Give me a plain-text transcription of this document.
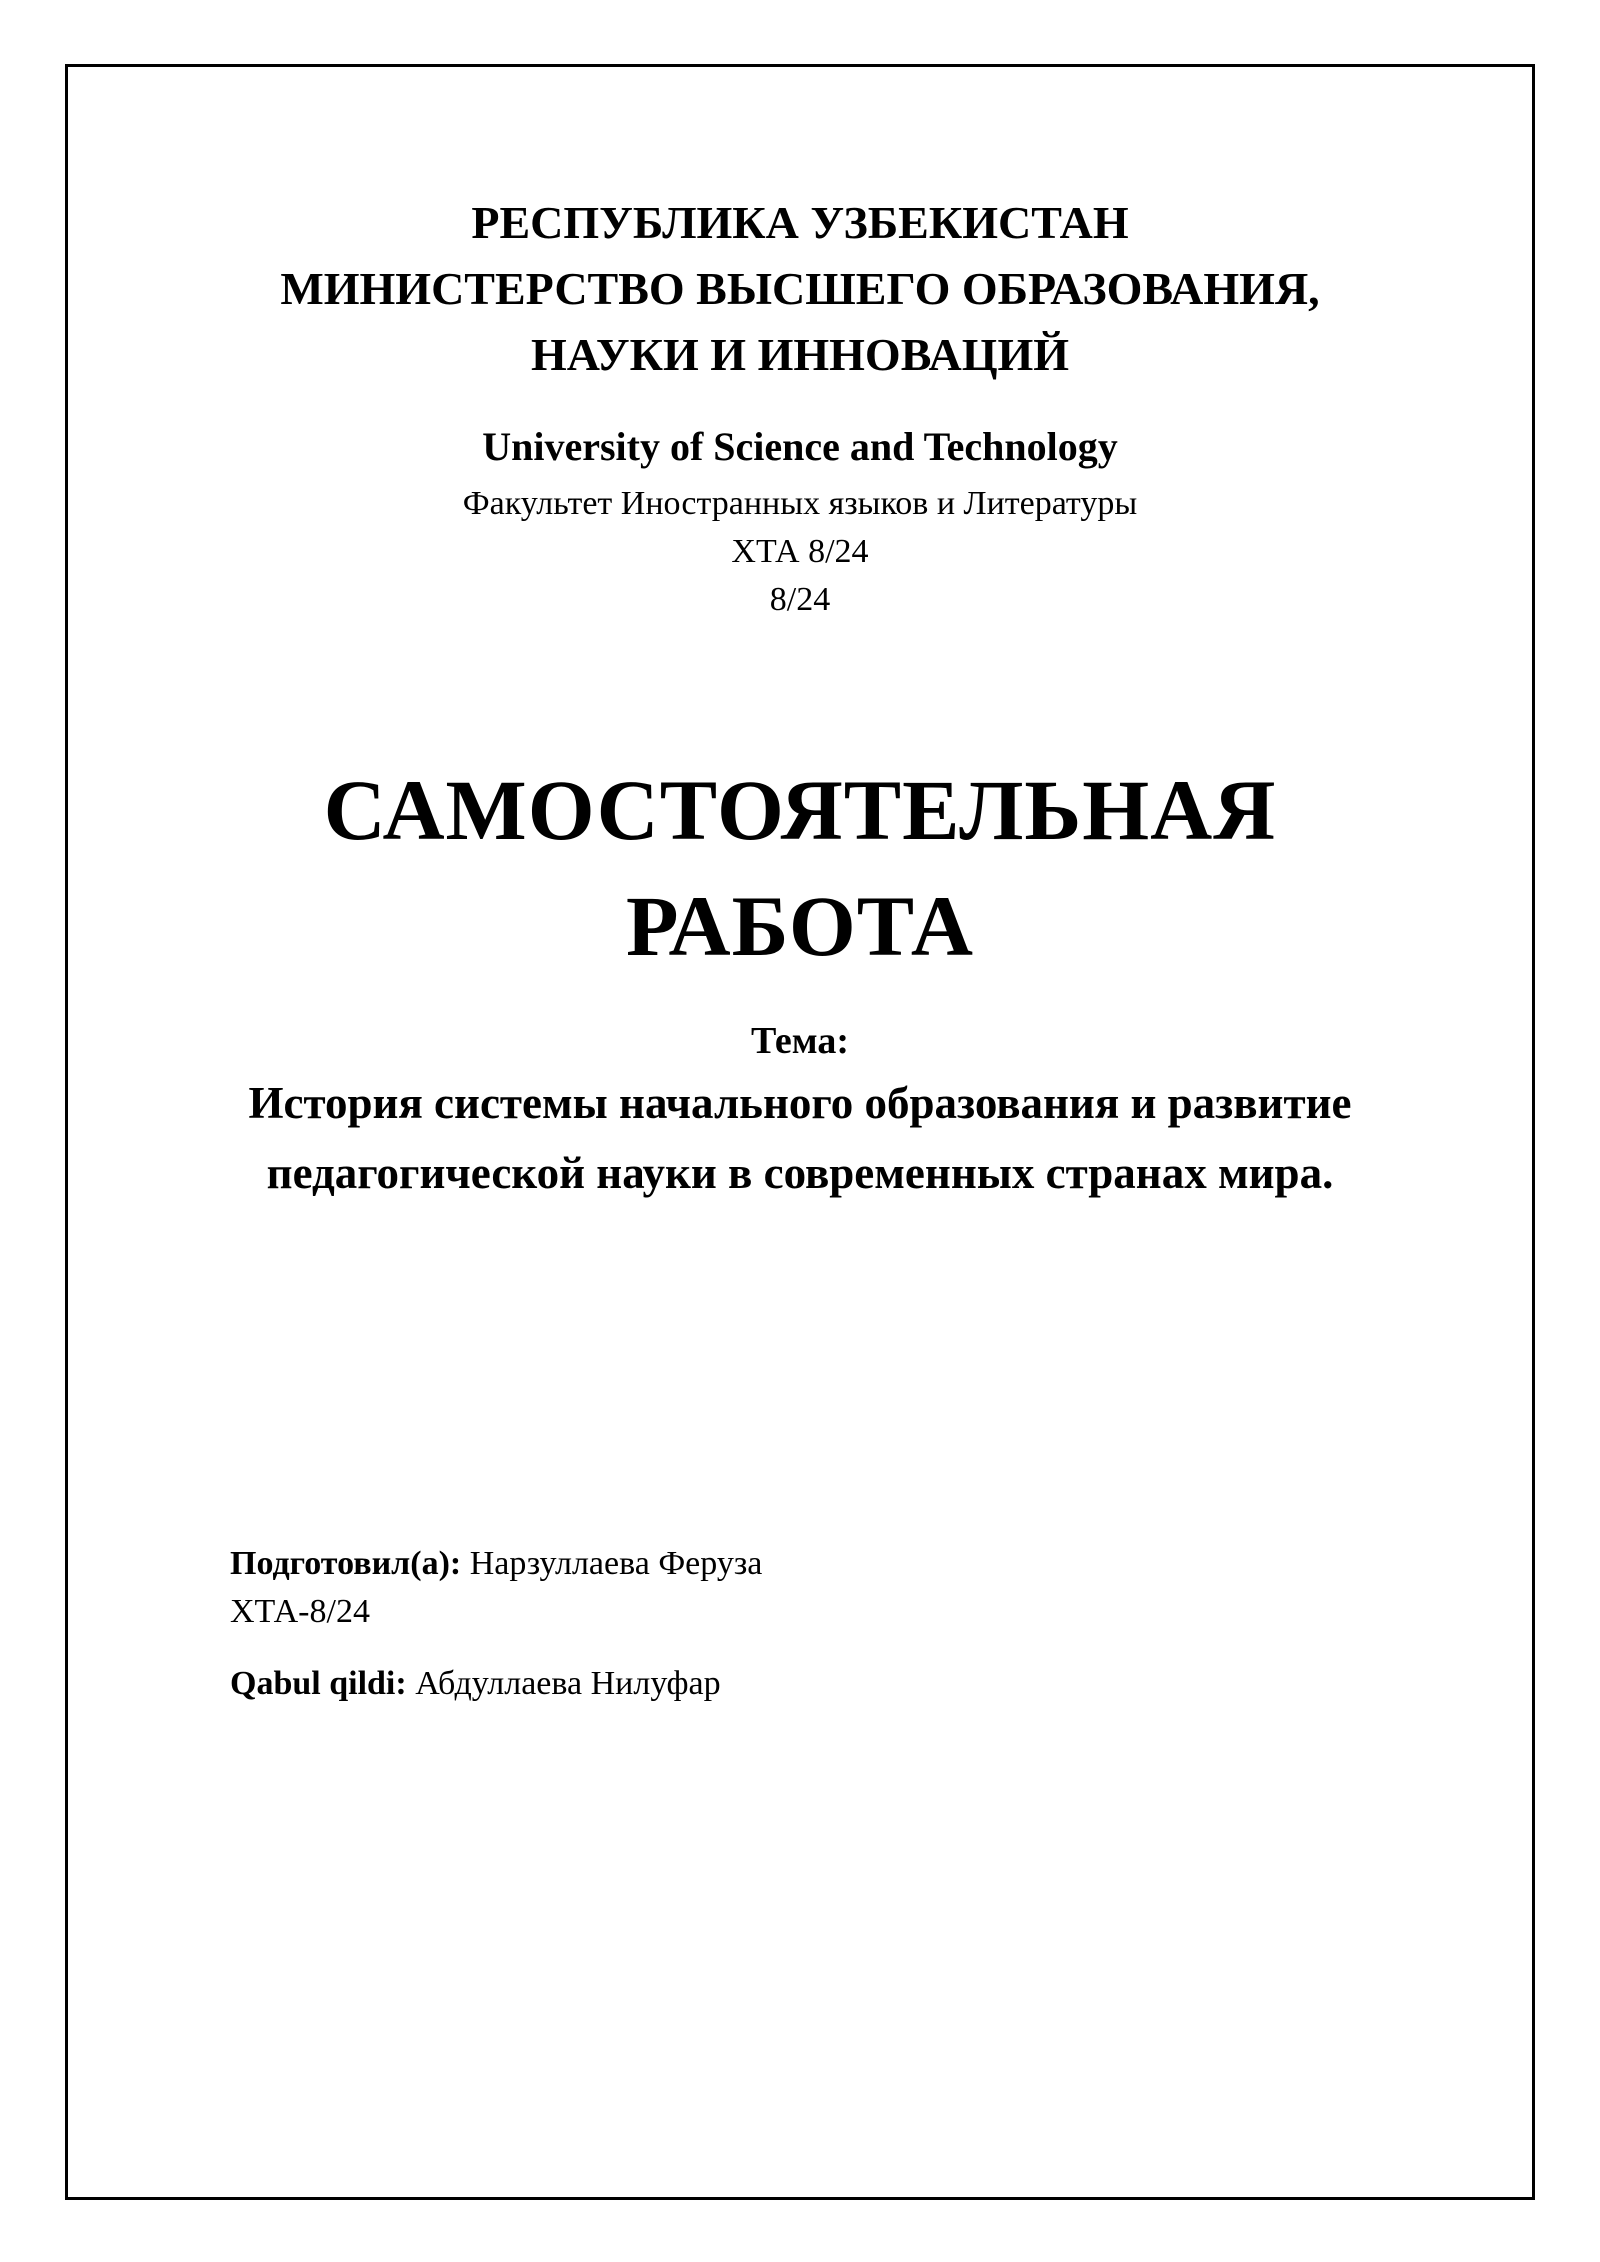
РЕСПУБЛИКА УЗБЕКИСТАН
МИНИСТЕРСТВО ВЫСШЕГО ОБРАЗОВАНИЯ,
НАУКИ И ИННОВАЦИЙ
University of Science and Technology
Факультет Иностранных языков и Литературы
ХТА 8/24
8/24
САМОСТОЯТЕЛЬНАЯ
РАБОТА
Тема:
История системы начального образования и развитие
педагогической науки в современных странах мира.
Подготовил(а): Нарзуллаева Феруза
ХТА-8/24
Qabul qildi: Абдуллаева Нилуфар
